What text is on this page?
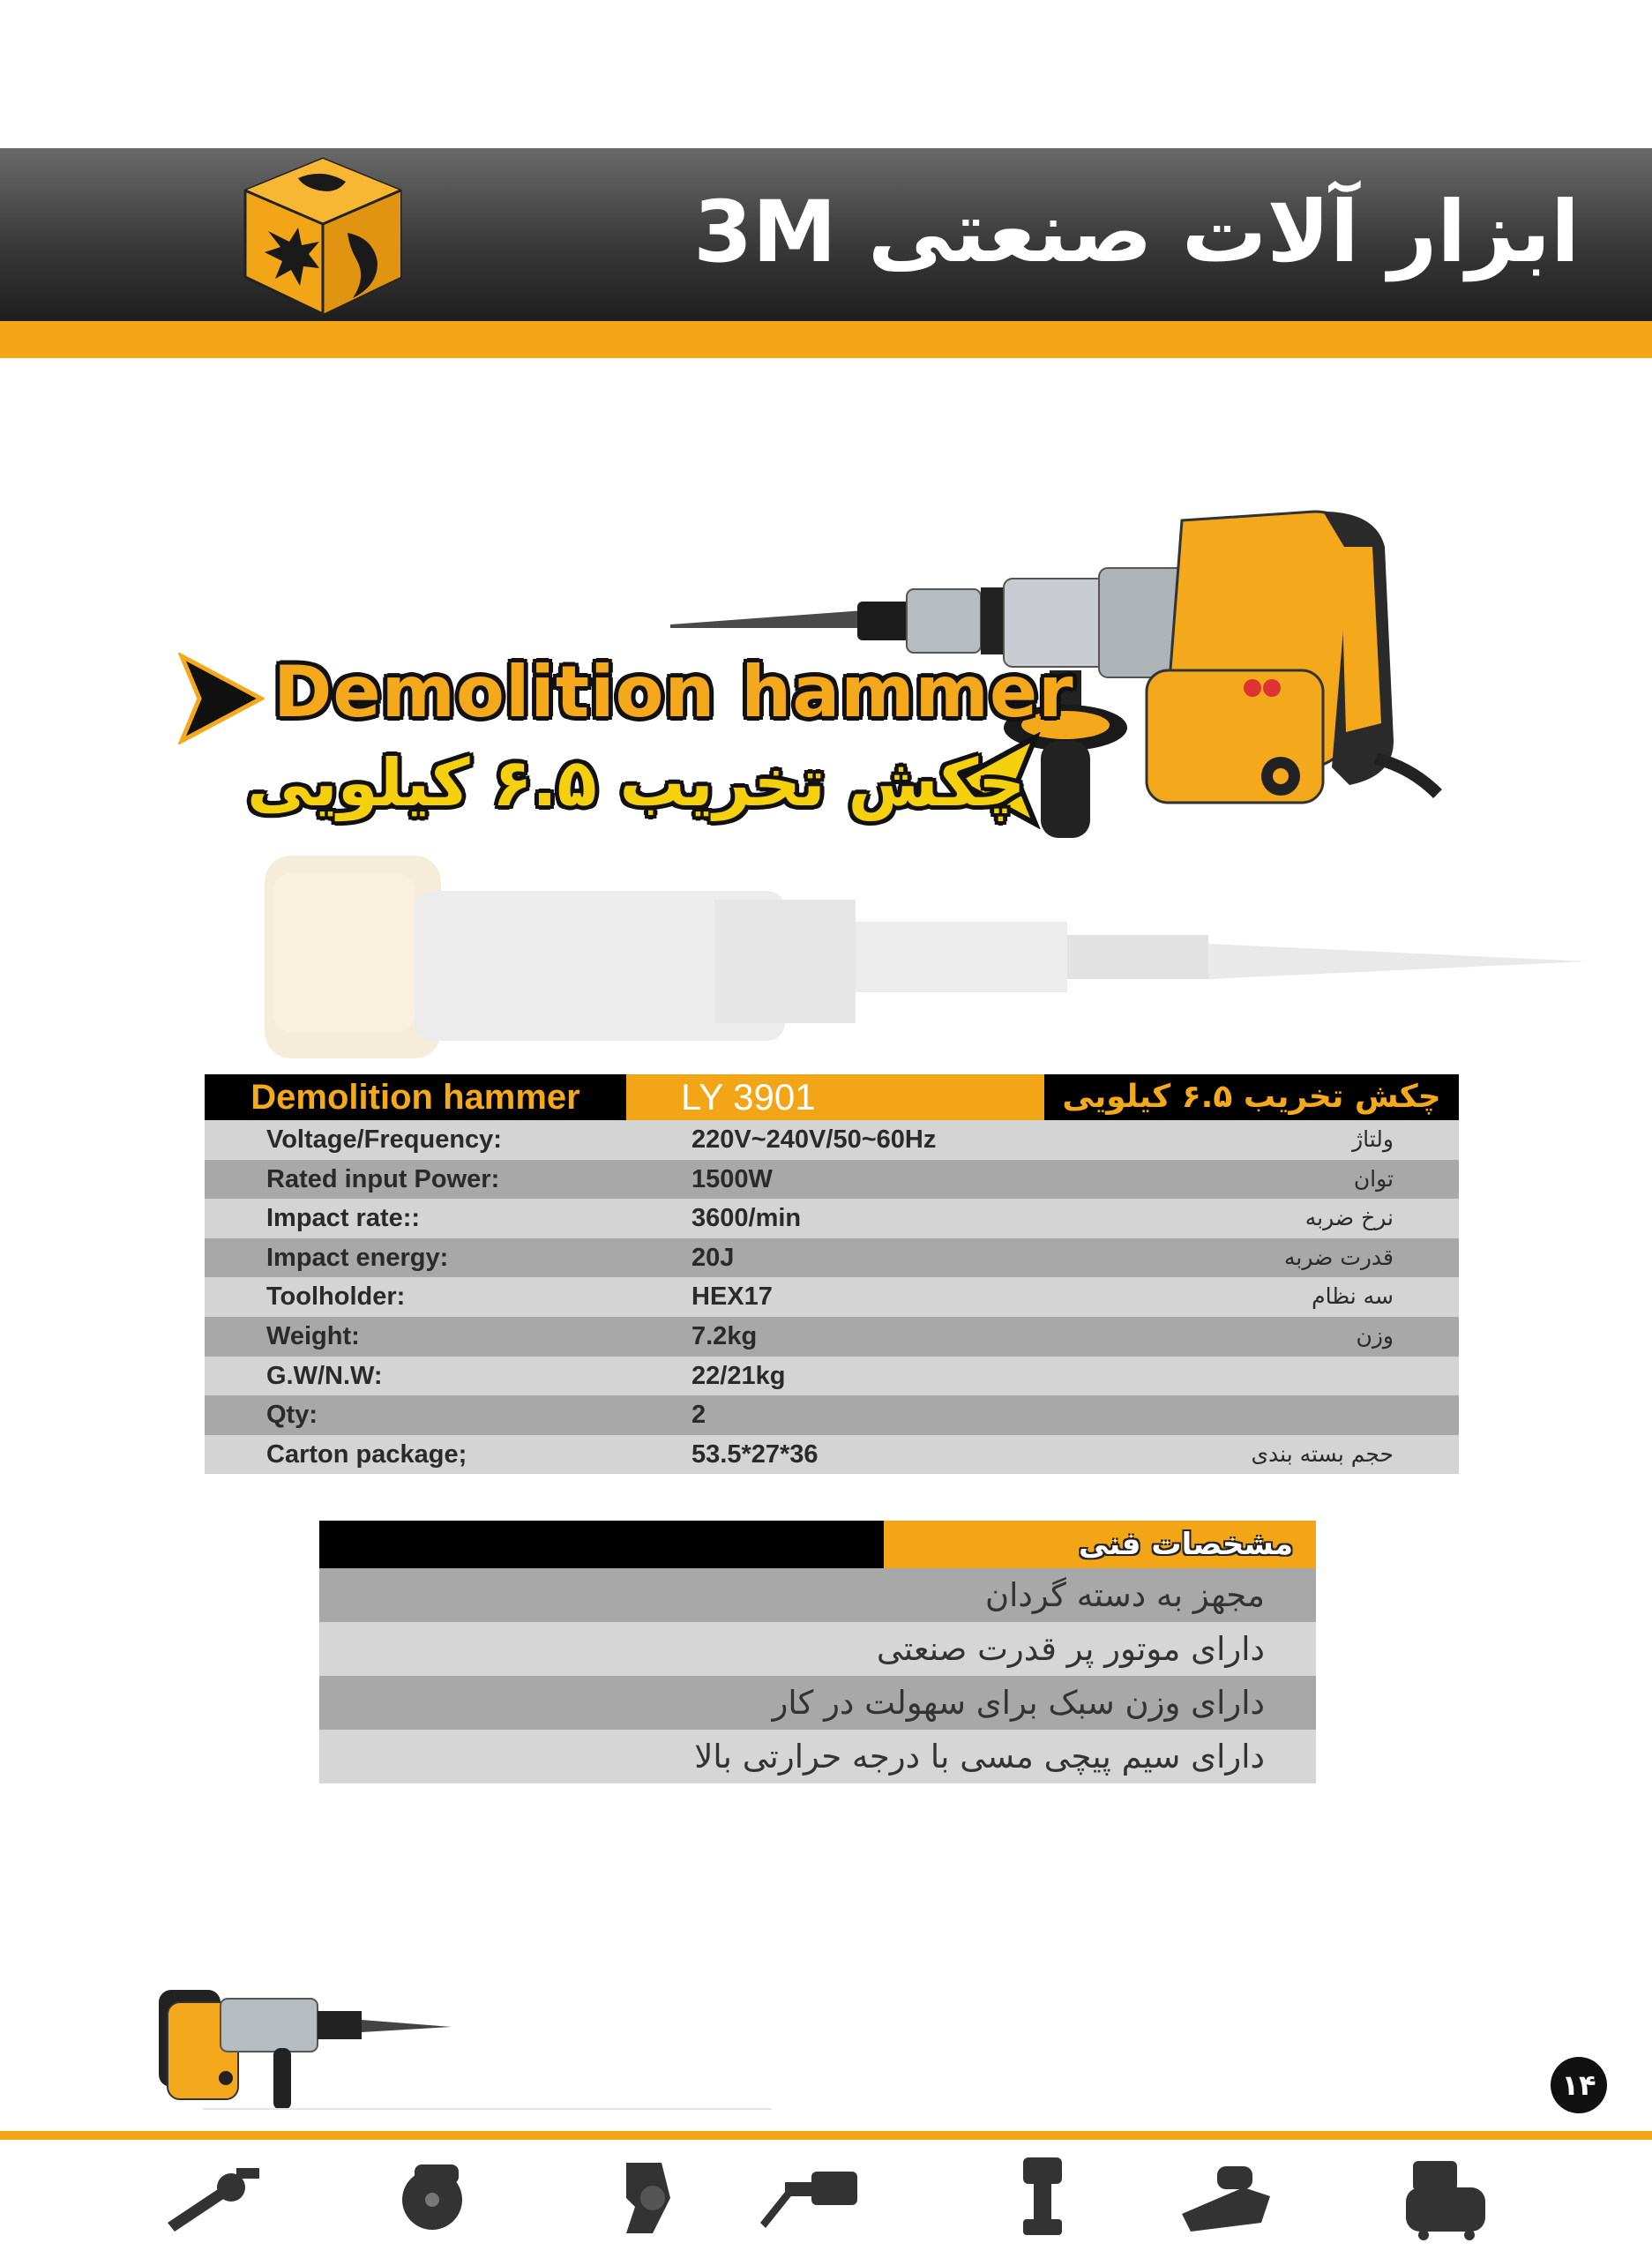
ابزار آلات صنعتی 3M
Demolition hammer
چکش تخریب ۶.۵ کیلویی
Demolition hammer	LY 3901	چکش تخریب ۶.۵ کیلویی
Voltage/Frequency:	220V~240V/50~60Hz	ولتاژ
Rated input Power:	1500W	توان
Impact rate::	3600/min	نرخ ضربه
Impact energy:	20J	قدرت ضربه
Toolholder:	HEX17	سه نظام
Weight:	7.2kg	وزن
G.W/N.W:	22/21kg
Qty:	2
Carton package;	53.5*27*36	حجم بسته بندی
مشخصات فنی
مجهز به دسته گردان
دارای موتور پر قدرت صنعتی
دارای وزن سبک برای سهولت در کار
دارای سیم پیچی مسی با درجه حرارتی بالا
۱۴
